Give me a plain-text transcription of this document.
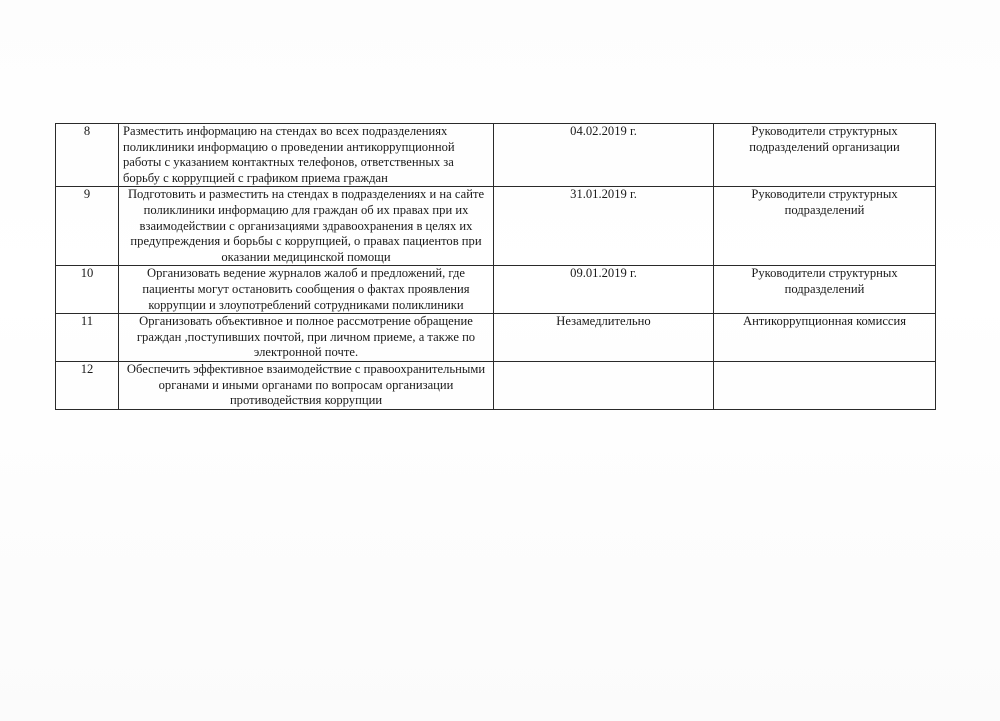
8	Разместить информацию на стендах во всех подразделениях поликлиники информацию о проведении антикоррупционной работы с указанием контактных телефонов, ответственных за борьбу с коррупцией с графиком приема граждан	04.02.2019 г.	Руководители структурных подразделений организации
9	Подготовить и разместить на стендах в подразделениях и на сайте поликлиники информацию для граждан об их правах при их взаимодействии с организациями здравоохранения в целях их предупреждения и борьбы с коррупцией, о правах пациентов при оказании медицинской помощи	31.01.2019 г.	Руководители структурных подразделений
10	Организовать ведение журналов жалоб и предложений, где пациенты могут остановить сообщения о фактах проявления коррупции и злоупотреблений сотрудниками поликлиники	09.01.2019 г.	Руководители структурных подразделений
11	Организовать объективное и полное рассмотрение обращение граждан ,поступивших почтой, при личном приеме, а также по электронной почте.	Незамедлительно	Антикоррупционная комиссия
12	Обеспечить эффективное взаимодействие с правоохранительными органами и иными органами по вопросам организации противодействия коррупции		
